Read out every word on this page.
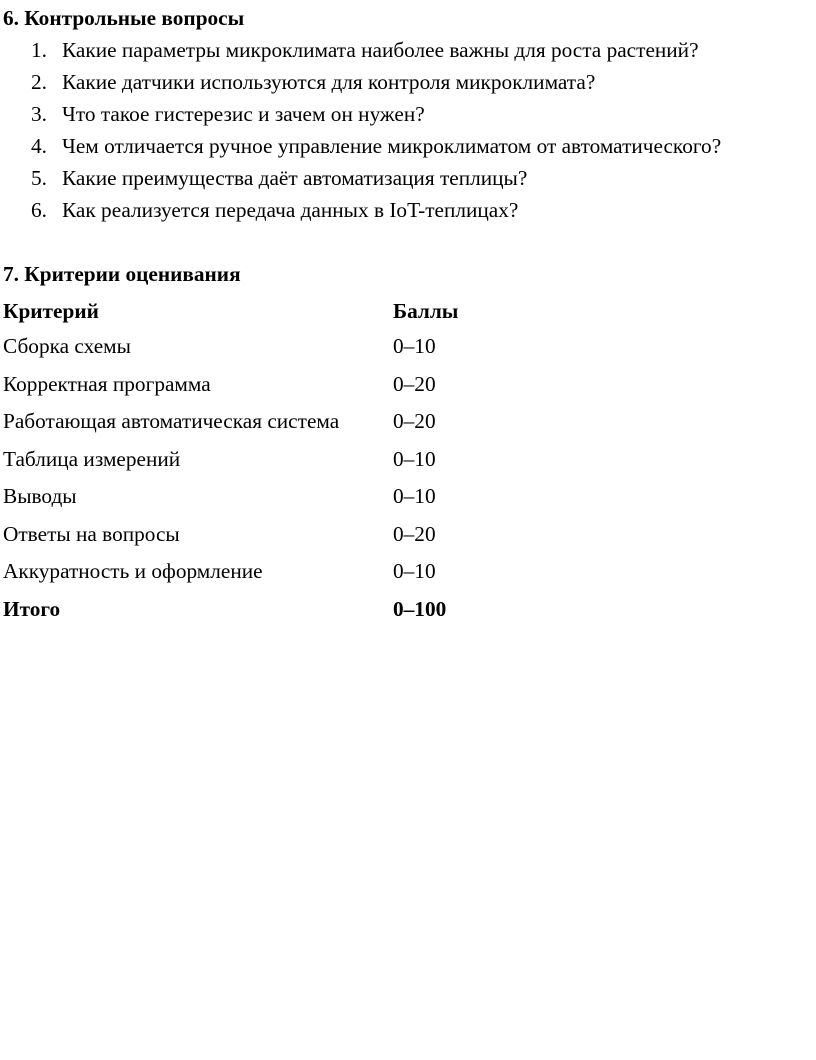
6. Контрольные вопросы
1. Какие параметры микроклимата наиболее важны для роста растений?
2. Какие датчики используются для контроля микроклимата?
3. Что такое гистерезис и зачем он нужен?
4. Чем отличается ручное управление микроклиматом от автоматического?
5. Какие преимущества даёт автоматизация теплицы?
6. Как реализуется передача данных в IoT-теплицах?
7. Критерии оценивания
Критерий	Баллы
Сборка схемы	0–10
Корректная программа	0–20
Работающая автоматическая система	0–20
Таблица измерений	0–10
Выводы	0–10
Ответы на вопросы	0–20
Аккуратность и оформление	0–10
Итого	0–100
